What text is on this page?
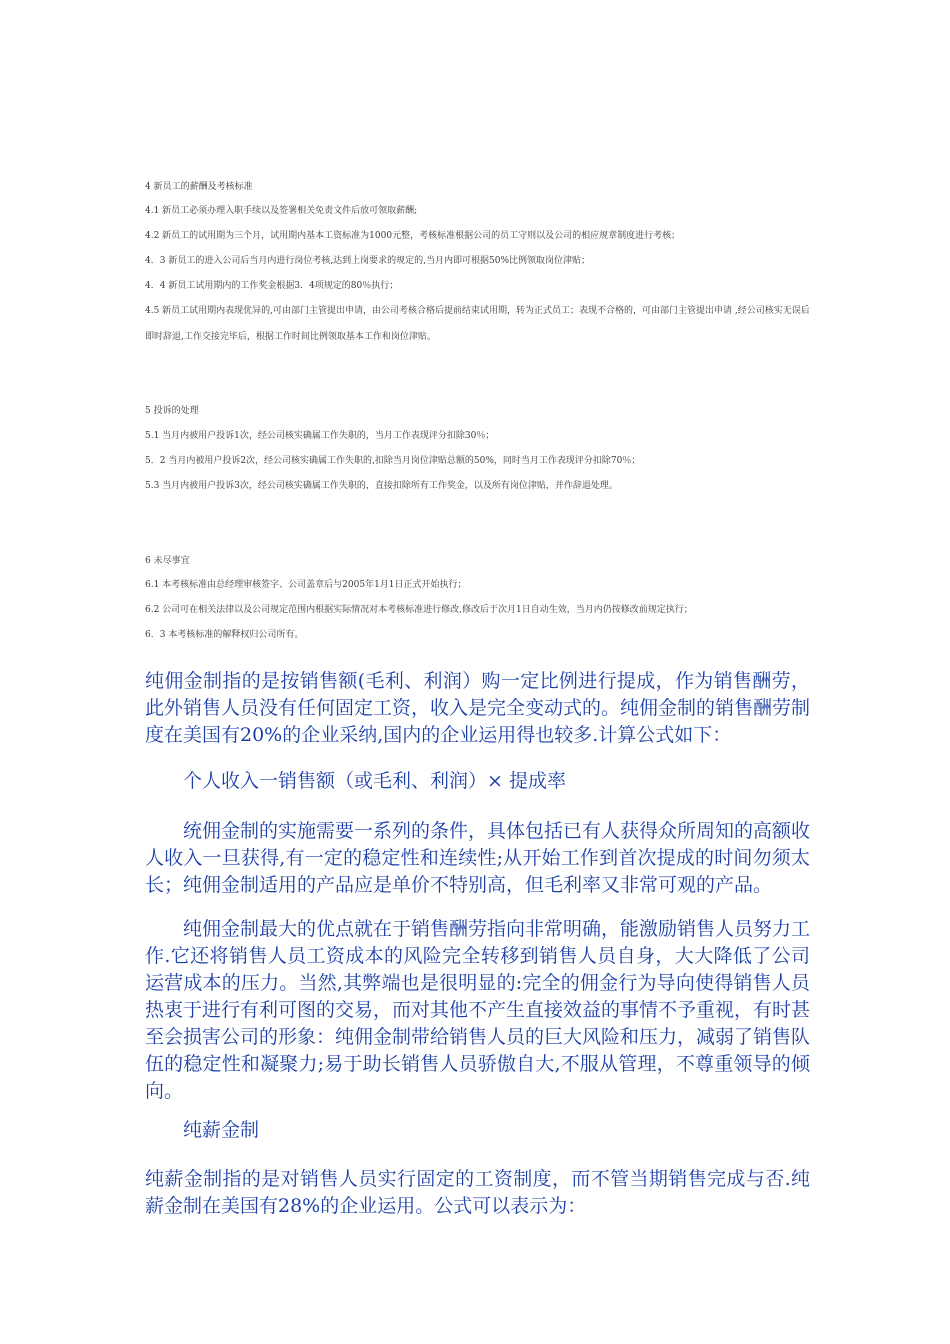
4 新员工的薪酬及考核标准

4.1 新员工必须办理入职手续以及签署相关免责文件后放可领取薪酬;

4.2 新员工的试用期为三个月，试用期内基本工资标准为1000元整，考核标准根据公司的员工守则以及公司的相应规章制度进行考核；

4．3 新员工的进入公司后当月内进行岗位考核,达到上岗要求的规定的,当月内即可根据50%比例领取岗位津贴；

4．4 新员工试用期内的工作奖金根据3．4项规定的80％执行；

4.5 新员工试用期内表现优异的,可由部门主管提出申请，由公司考核合格后提前结束试用期，转为正式员工；表现不合格的，可由部门主管提出申请 ,经公司核实无误后即时辞退,工作交接完毕后，根据工作时间比例领取基本工作和岗位津贴。

5 投诉的处理

5.1 当月内被用户投诉1次，经公司核实确属工作失职的，当月工作表现评分扣除30％；

5．2 当月内被用户投诉2次，经公司核实确属工作失职的,扣除当月岗位津贴总额的50%，同时当月工作表现评分扣除70％；

5.3 当月内被用户投诉3次，经公司核实确属工作失职的，直接扣除所有工作奖金，以及所有岗位津贴，并作辞退处理。

6 未尽事宜

6.1 本考核标准由总经理审核签字、公司盖章后与2005年1月1日正式开始执行；

6.2 公司可在相关法律以及公司规定范围内根据实际情况对本考核标准进行修改,修改后于次月1日自动生效，当月内仍按修改前规定执行；

6．3 本考核标准的解释权归公司所有。

纯佣金制指的是按销售额(毛利、利润）购一定比例进行提成，作为销售酬劳，此外销售人员没有任何固定工资，收入是完全变动式的。纯佣金制的销售酬劳制度在美国有20%的企业采纳,国内的企业运用得也较多.计算公式如下：

个人收入一销售额（或毛利、利润）× 提成率

统佣金制的实施需要一系列的条件，具体包括已有人获得众所周知的高额收人收入一旦获得,有一定的稳定性和连续性;从开始工作到首次提成的时间勿须太长；纯佣金制适用的产品应是单价不特别高，但毛利率又非常可观的产品。

纯佣金制最大的优点就在于销售酬劳指向非常明确，能激励销售人员努力工作.它还将销售人员工资成本的风险完全转移到销售人员自身，大大降低了公司运营成本的压力。当然,其弊端也是很明显的:完全的佣金行为导向使得销售人员热衷于进行有利可图的交易，而对其他不产生直接效益的事情不予重视，有时甚至会损害公司的形象：纯佣金制带给销售人员的巨大风险和压力，减弱了销售队伍的稳定性和凝聚力;易于助长销售人员骄傲自大,不服从管理，不尊重领导的倾向。

纯薪金制

纯薪金制指的是对销售人员实行固定的工资制度，而不管当期销售完成与否.纯薪金制在美国有28%的企业运用。公式可以表示为：
